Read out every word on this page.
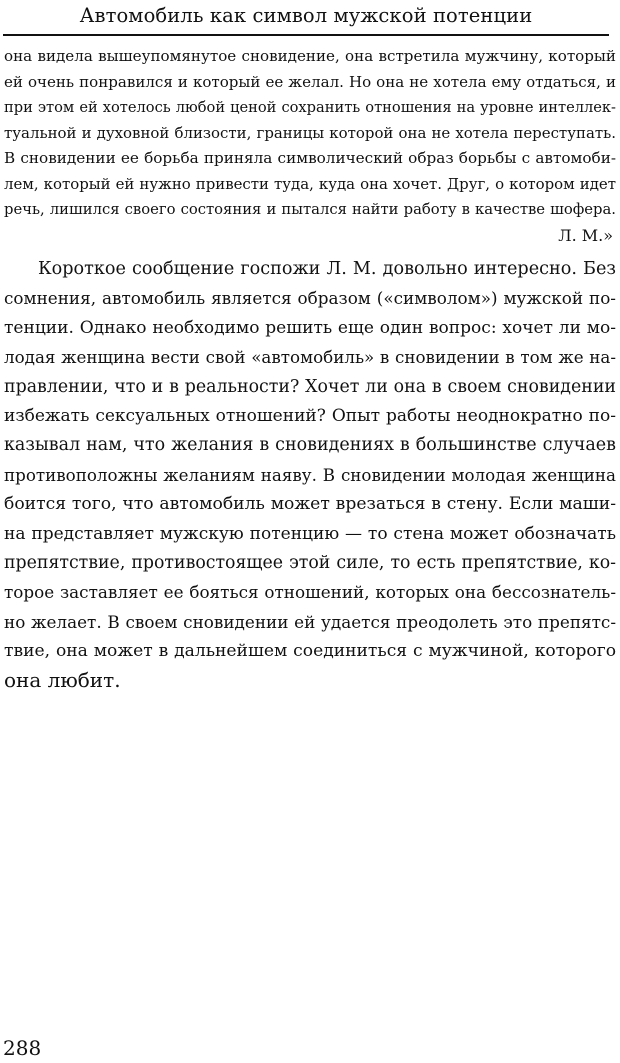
Автомобиль как символ мужской потенции
она видела вышеупомянутое сновидение, она встретила мужчину, который
ей очень понравился и который ее желал. Но она не хотела ему отдаться, и
при этом ей хотелось любой ценой сохранить отношения на уровне интеллек-
туальной и духовной близости, границы которой она не хотела переступать.
В сновидении ее борьба приняла символический образ борьбы с автомоби-
лем, который ей нужно привести туда, куда она хочет. Друг, о котором идет
речь, лишился своего состояния и пытался найти работу в качестве шофера.
Л. М.»
Короткое сообщение госпожи Л. М. довольно интересно. Без
сомнения, автомобиль является образом («символом») мужской по-
тенции. Однако необходимо решить еще один вопрос: хочет ли мо-
лодая женщина вести свой «автомобиль» в сновидении в том же на-
правлении, что и в реальности? Хочет ли она в своем сновидении
избежать сексуальных отношений? Опыт работы неоднократно по-
казывал нам, что желания в сновидениях в большинстве случаев
противоположны желаниям наяву. В сновидении молодая женщина
боится того, что автомобиль может врезаться в стену. Если маши-
на представляет мужскую потенцию — то стена может обозначать
препятствие, противостоящее этой силе, то есть препятствие, ко-
торое заставляет ее бояться отношений, которых она бессознатель-
но желает. В своем сновидении ей удается преодолеть это препятс-
твие, она может в дальнейшем соединиться с мужчиной, которого
она любит.
288
